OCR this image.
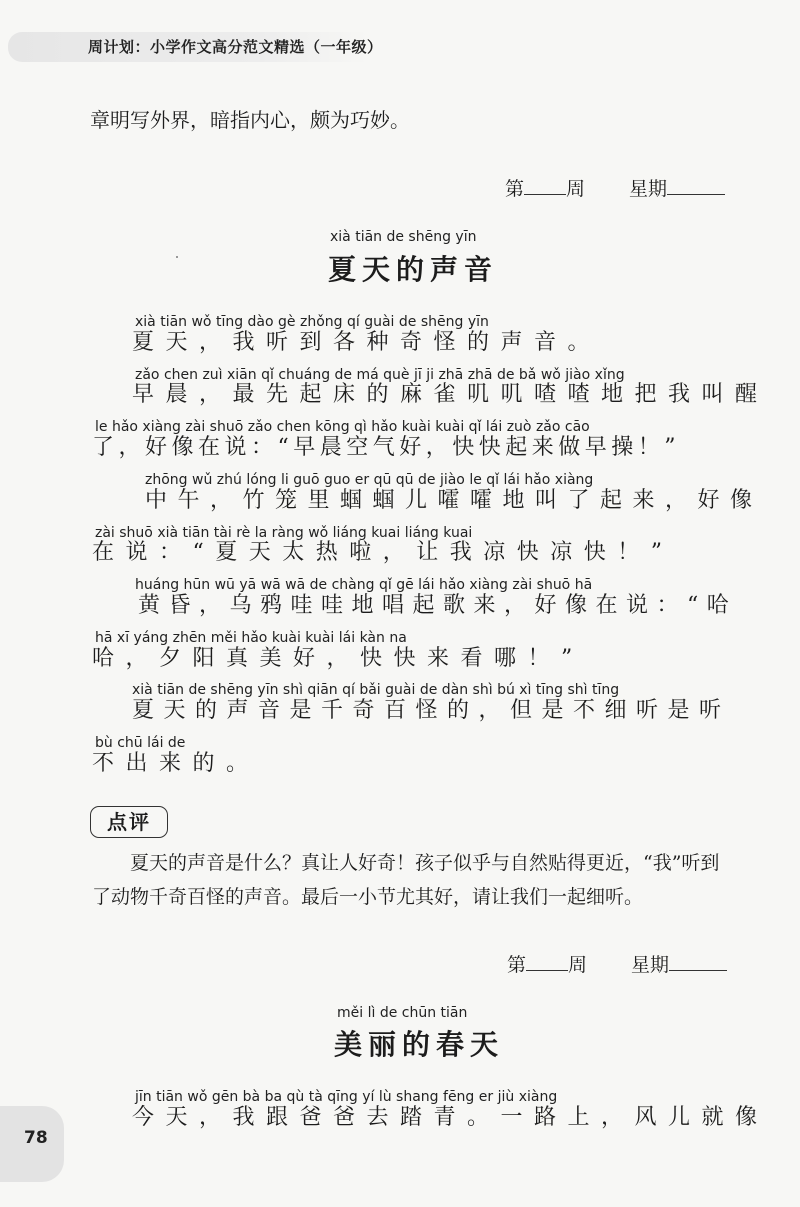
周计划：小学作文高分范文精选（一年级）
章明写外界，暗指内心，颇为巧妙。
第 周 星期
xià tiān de shēng yīn
夏天的声音
xià tiān wǒ tīng dào gè zhǒng qí guài de shēng yīn
夏天，我听到各种奇怪的声音。
zǎo chen zuì xiān qǐ chuáng de má què jī ji zhā zhā de bǎ wǒ jiào xǐng
早晨，最先起床的麻雀叽叽喳喳地把我叫醒
le hǎo xiàng zài shuō zǎo chen kōng qì hǎo kuài kuài qǐ lái zuò zǎo cāo
了，好像在说：“早晨空气好，快快起来做早操！”
zhōng wǔ zhú lóng li guō guo er qū qū de jiào le qǐ lái hǎo xiàng
中午，竹笼里蝈蝈儿嚯嚯地叫了起来，好像
zài shuō xià tiān tài rè la ràng wǒ liáng kuai liáng kuai
在说：“夏天太热啦，让我凉快凉快！”
huáng hūn wū yā wā wā de chàng qǐ gē lái hǎo xiàng zài shuō hā
黄昏，乌鸦哇哇地唱起歌来，好像在说：“哈
hā xī yáng zhēn měi hǎo kuài kuài lái kàn na
哈，夕阳真美好，快快来看哪！”
xià tiān de shēng yīn shì qiān qí bǎi guài de dàn shì bú xì tīng shì tīng
夏天的声音是千奇百怪的，但是不细听是听
bù chū lái de
不出来的。
点评
夏天的声音是什么？真让人好奇！孩子似乎与自然贴得更近，“我”听到
了动物千奇百怪的声音。最后一小节尤其好，请让我们一起细听。
第 周 星期
měi lì de chūn tiān
美丽的春天
jīn tiān wǒ gēn bà ba qù tà qīng yí lù shang fēng er jiù xiàng
今天，我跟爸爸去踏青。一路上，风儿就像
78
